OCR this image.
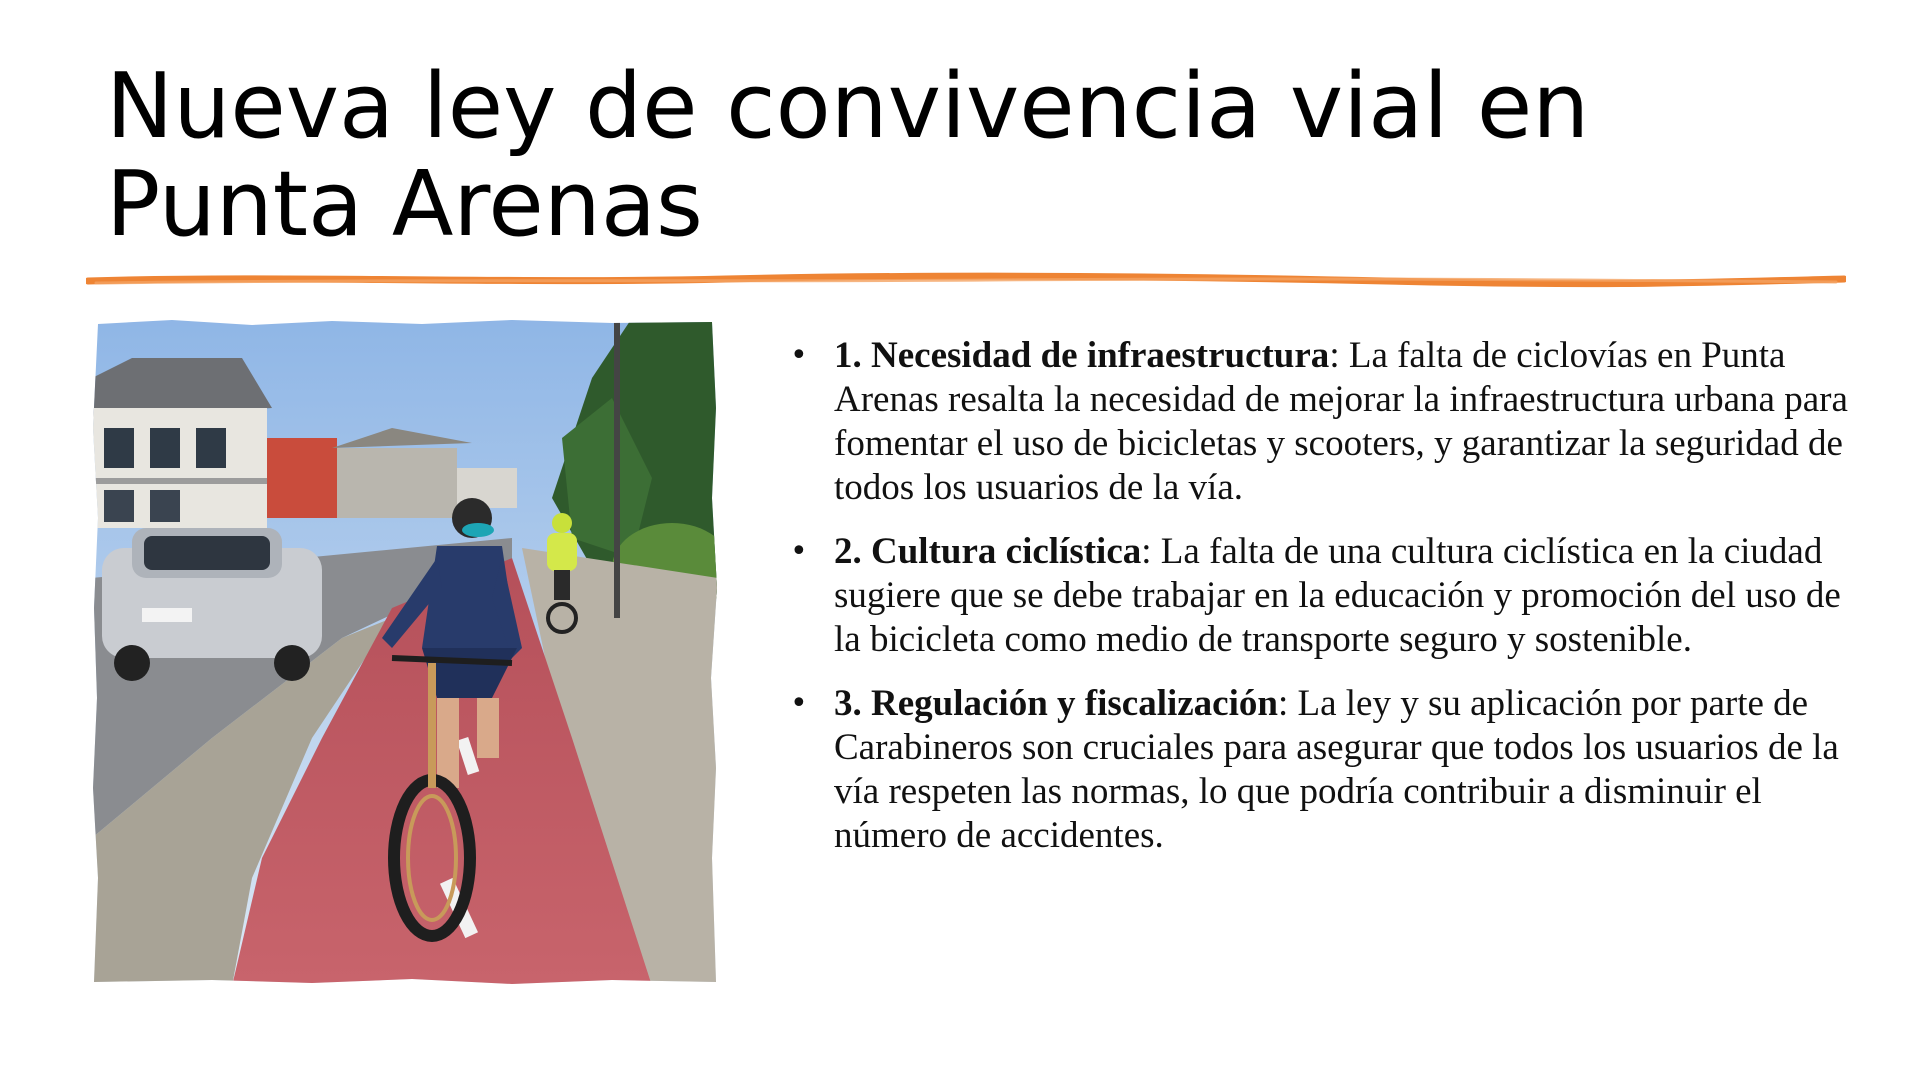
Nueva ley de convivencia vial en Punta Arenas
• 1. Necesidad de infraestructura: La falta de ciclovías en Punta Arenas resalta la necesidad de mejorar la infraestructura urbana para fomentar el uso de bicicletas y scooters, y garantizar la seguridad de todos los usuarios de la vía.
• 2. Cultura ciclística: La falta de una cultura ciclística en la ciudad sugiere que se debe trabajar en la educación y promoción del uso de la bicicleta como medio de transporte seguro y sostenible.
• 3. Regulación y fiscalización: La ley y su aplicación por parte de Carabineros son cruciales para asegurar que todos los usuarios de la vía respeten las normas, lo que podría contribuir a disminuir el número de accidentes.
